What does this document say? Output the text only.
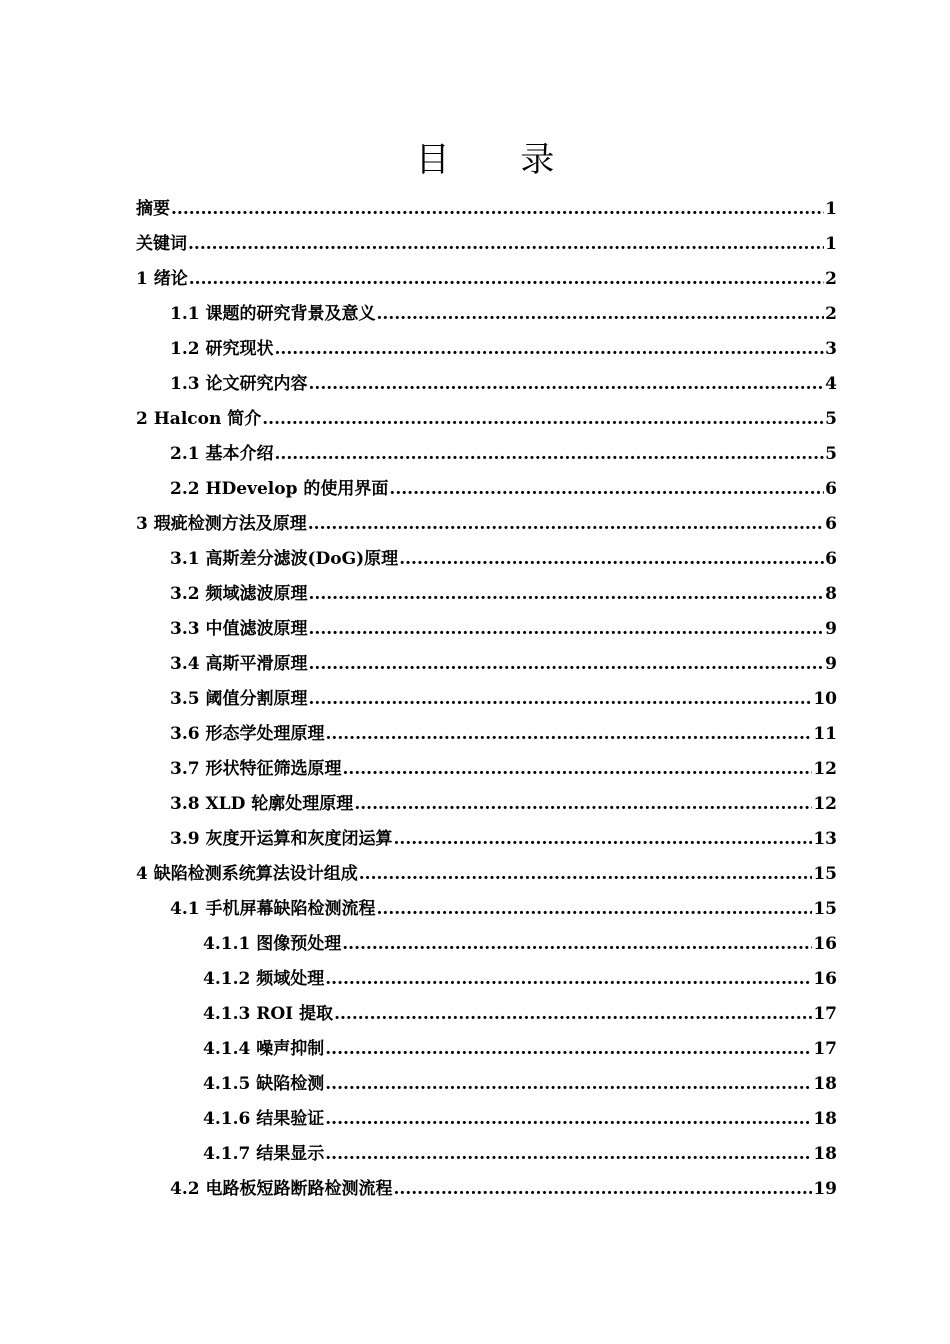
目 录
摘要 .....	1
关键词 .....	1
1 绪论 .....	2
1.1 课题的研究背景及意义 .....	2
1.2 研究现状 .....	3
1.3 论文研究内容 .....	4
2 Halcon 简介 .....	5
2.1 基本介绍 .....	5
2.2 HDevelop 的使用界面 .....	6
3 瑕疵检测方法及原理 .....	6
3.1 高斯差分滤波(DoG)原理 .....	6
3.2 频域滤波原理 .....	8
3.3 中值滤波原理 .....	9
3.4 高斯平滑原理 .....	9
3.5 阈值分割原理 .....	10
3.6 形态学处理原理 .....	11
3.7 形状特征筛选原理 .....	12
3.8 XLD 轮廓处理原理 .....	12
3.9 灰度开运算和灰度闭运算 .....	13
4 缺陷检测系统算法设计组成 .....	15
4.1 手机屏幕缺陷检测流程 .....	15
4.1.1 图像预处理 .....	16
4.1.2 频域处理 .....	16
4.1.3 ROI 提取 .....	17
4.1.4 噪声抑制 .....	17
4.1.5 缺陷检测 .....	18
4.1.6 结果验证 .....	18
4.1.7 结果显示 .....	18
4.2 电路板短路断路检测流程 .....	19
